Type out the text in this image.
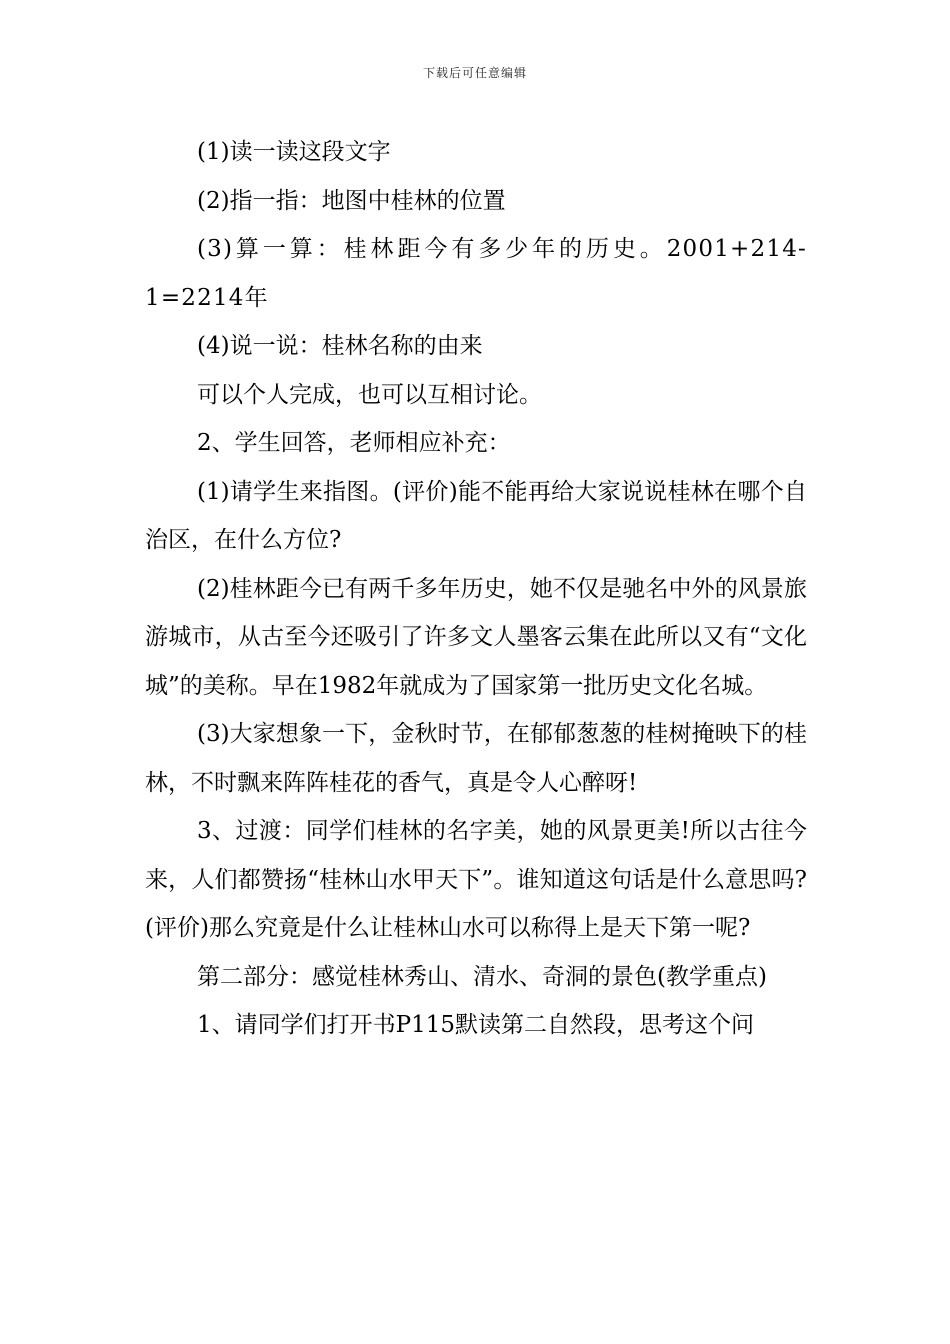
下载后可任意编辑

(1)读一读这段文字

(2)指一指：地图中桂林的位置

(3)算一算：桂林距今有多少年的历史。2001+214-1=2214年

(4)说一说：桂林名称的由来

可以个人完成，也可以互相讨论。

2、学生回答，老师相应补充：

(1)请学生来指图。(评价)能不能再给大家说说桂林在哪个自治区，在什么方位?

(2)桂林距今已有两千多年历史，她不仅是驰名中外的风景旅游城市，从古至今还吸引了许多文人墨客云集在此所以又有“文化城”的美称。早在1982年就成为了国家第一批历史文化名城。

(3)大家想象一下，金秋时节，在郁郁葱葱的桂树掩映下的桂林，不时飘来阵阵桂花的香气，真是令人心醉呀!

3、过渡：同学们桂林的名字美，她的风景更美!所以古往今来，人们都赞扬“桂林山水甲天下”。谁知道这句话是什么意思吗?(评价)那么究竟是什么让桂林山水可以称得上是天下第一呢?

第二部分：感觉桂林秀山、清水、奇洞的景色(教学重点)

1、请同学们打开书P115默读第二自然段，思考这个问
